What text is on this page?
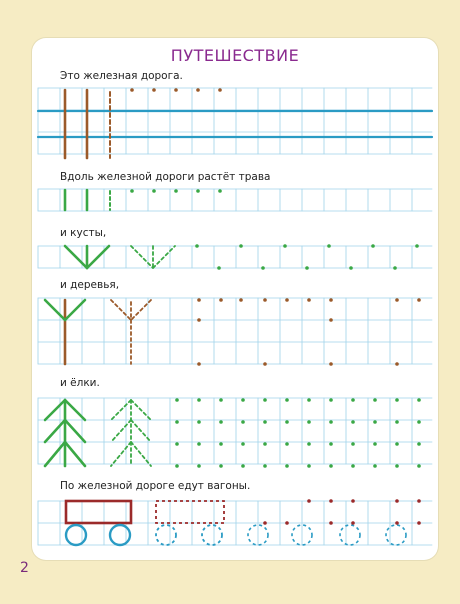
ПУТЕШЕСТВИЕ
Это железная дорога.
Вдоль железной дороги растёт трава
и кусты,
и деревья,
и ёлки.
По железной дороге едут вагоны.
2
